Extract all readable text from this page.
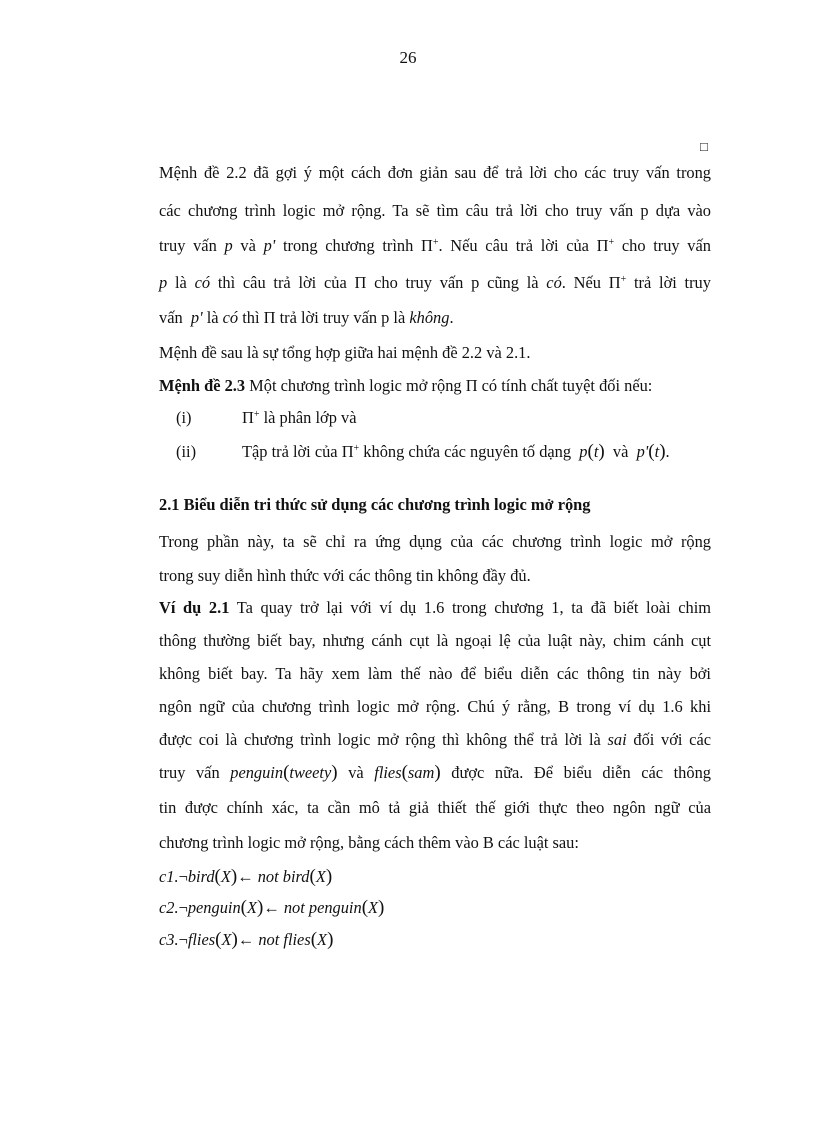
26
□
Mệnh đề 2.2 đã gợi ý một cách đơn giản sau để trả lời cho các truy vấn trong
các chương trình logic mở rộng. Ta sẽ tìm câu trả lời cho truy vấn p dựa vào
truy vấn p và p' trong chương trình Π+. Nếu câu trả lời của Π+ cho truy vấn
p là có thì câu trả lời của Π cho truy vấn p cũng là có. Nếu Π+ trả lời truy
vấn p' là có thì Π trả lời truy vấn p là không.
Mệnh đề sau là sự tổng hợp giữa hai mệnh đề 2.2 và 2.1.
Mệnh đề 2.3 Một chương trình logic mở rộng Π có tính chất tuyệt đối nếu:
(i)	Π+ là phân lớp và
(ii)	Tập trả lời của Π+ không chứa các nguyên tố dạng p(t) và p'(t).
2.1 Biểu diễn tri thức sử dụng các chương trình logic mở rộng
Trong phần này, ta sẽ chỉ ra ứng dụng của các chương trình logic mở rộng
trong suy diễn hình thức với các thông tin không đầy đủ.
Ví dụ 2.1 Ta quay trở lại với ví dụ 1.6 trong chương 1, ta đã biết loài chim
thông thường biết bay, nhưng cánh cụt là ngoại lệ của luật này, chim cánh cụt
không biết bay. Ta hãy xem làm thế nào để biểu diễn các thông tin này bởi
ngôn ngữ của chương trình logic mở rộng. Chú ý rằng, B trong ví dụ 1.6 khi
được coi là chương trình logic mở rộng thì không thể trả lời là sai đối với các
truy vấn penguin(tweety) và flies(sam) được nữa. Để biểu diễn các thông
tin được chính xác, ta cần mô tả giả thiết thế giới thực theo ngôn ngữ của
chương trình logic mở rộng, bằng cách thêm vào B các luật sau:
c1.¬bird(X)← not bird(X)
c2.¬penguin(X)← not penguin(X)
c3.¬flies(X)← not flies(X)
